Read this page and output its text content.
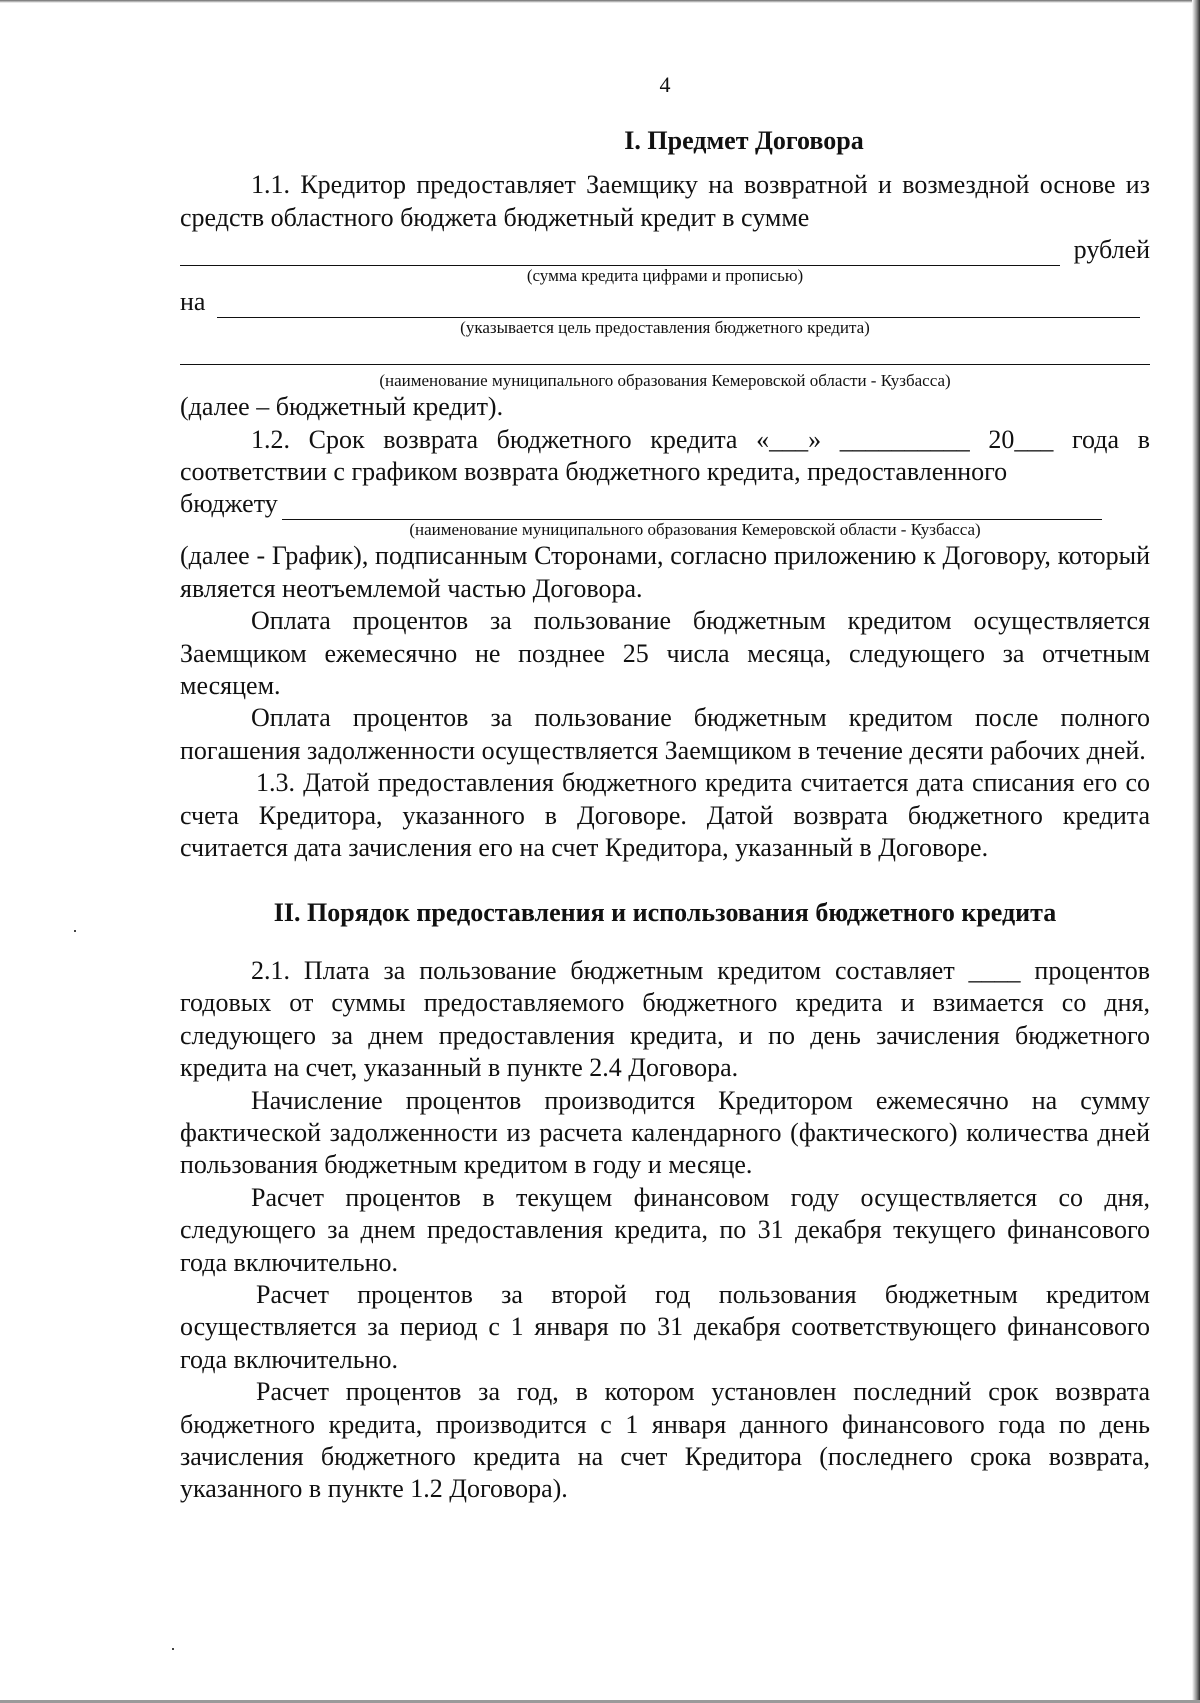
4
I. Предмет Договора

1.1. Кредитор предоставляет Заемщику на возвратной и возмездной основе из средств областного бюджета бюджетный кредит в сумме

рублей

(сумма кредита цифрами и прописью)

на

(указывается цель предоставления бюджетного кредита)

(наименование муниципального образования Кемеровской области - Кузбасса)

(далее – бюджетный кредит).

1.2. Срок возврата бюджетного кредита «___» __________ 20___ года в соответствии с графиком возврата бюджетного кредита, предоставленного

бюджету

(наименование муниципального образования Кемеровской области - Кузбасса)

(далее - График), подписанным Сторонами, согласно приложению к Договору, который является неотъемлемой частью Договора.

Оплата процентов за пользование бюджетным кредитом осуществляется Заемщиком ежемесячно не позднее 25 числа месяца, следующего за отчетным месяцем.

Оплата процентов за пользование бюджетным кредитом после полного погашения задолженности осуществляется Заемщиком в течение десяти рабочих дней.

1.3. Датой предоставления бюджетного кредита считается дата списания его со счета Кредитора, указанного в Договоре. Датой возврата бюджетного кредита считается дата зачисления его на счет Кредитора, указанный в Договоре.

II. Порядок предоставления и использования бюджетного кредита

2.1. Плата за пользование бюджетным кредитом составляет ____ процентов годовых от суммы предоставляемого бюджетного кредита и взимается со дня, следующего за днем предоставления кредита, и по день зачисления бюджетного кредита на счет, указанный в пункте 2.4 Договора.

Начисление процентов производится Кредитором ежемесячно на сумму фактической задолженности из расчета календарного (фактического) количества дней пользования бюджетным кредитом в году и месяце.

Расчет процентов в текущем финансовом году осуществляется со дня, следующего за днем предоставления кредита, по 31 декабря текущего финансового года включительно.

Расчет процентов за второй год пользования бюджетным кредитом осуществляется за период с 1 января по 31 декабря соответствующего финансового года включительно.

Расчет процентов за год, в котором установлен последний срок возврата бюджетного кредита, производится с 1 января данного финансового года по день зачисления бюджетного кредита на счет Кредитора (последнего срока возврата, указанного в пункте 1.2 Договора).
